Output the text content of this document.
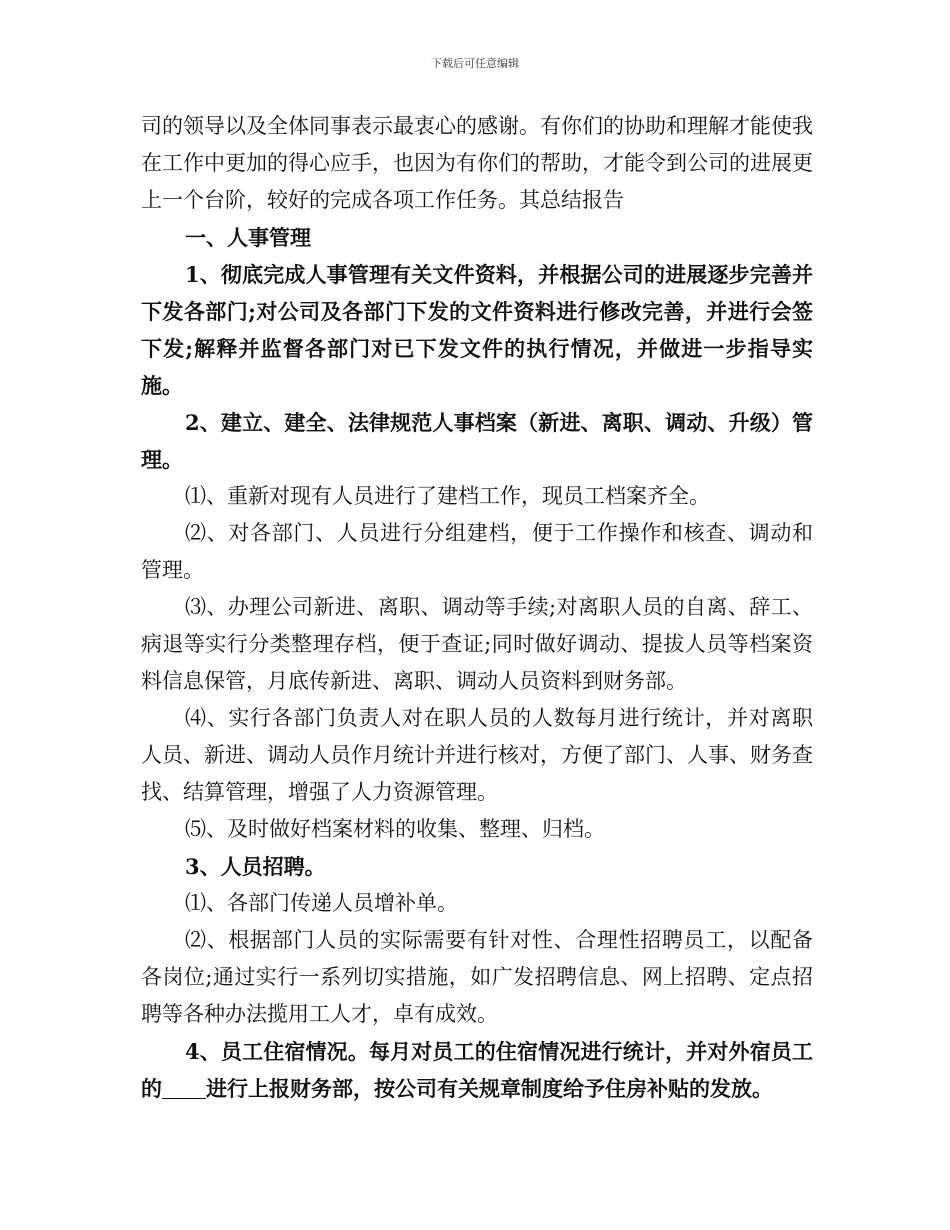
下载后可任意编辑

司的领导以及全体同事表示最衷心的感谢。有你们的协助和理解才能使我在工作中更加的得心应手，也因为有你们的帮助，才能令到公司的进展更上一个台阶，较好的完成各项工作任务。其总结报告

一、人事管理

1、彻底完成人事管理有关文件资料，并根据公司的进展逐步完善并下发各部门;对公司及各部门下发的文件资料进行修改完善，并进行会签下发;解释并监督各部门对已下发文件的执行情况，并做进一步指导实施。

2、建立、建全、法律规范人事档案（新进、离职、调动、升级）管理。

⑴、重新对现有人员进行了建档工作，现员工档案齐全。

⑵、对各部门、人员进行分组建档，便于工作操作和核查、调动和管理。

⑶、办理公司新进、离职、调动等手续;对离职人员的自离、辞工、病退等实行分类整理存档，便于查证;同时做好调动、提拔人员等档案资料信息保管，月底传新进、离职、调动人员资料到财务部。

⑷、实行各部门负责人对在职人员的人数每月进行统计，并对离职人员、新进、调动人员作月统计并进行核对，方便了部门、人事、财务查找、结算管理，增强了人力资源管理。

⑸、及时做好档案材料的收集、整理、归档。

3、人员招聘。

⑴、各部门传递人员增补单。

⑵、根据部门人员的实际需要有针对性、合理性招聘员工，以配备各岗位;通过实行一系列切实措施，如广发招聘信息、网上招聘、定点招聘等各种办法揽用工人才，卓有成效。

4、员工住宿情况。每月对员工的住宿情况进行统计，并对外宿员工的 进行上报财务部，按公司有关规章制度给予住房补贴的发放。
